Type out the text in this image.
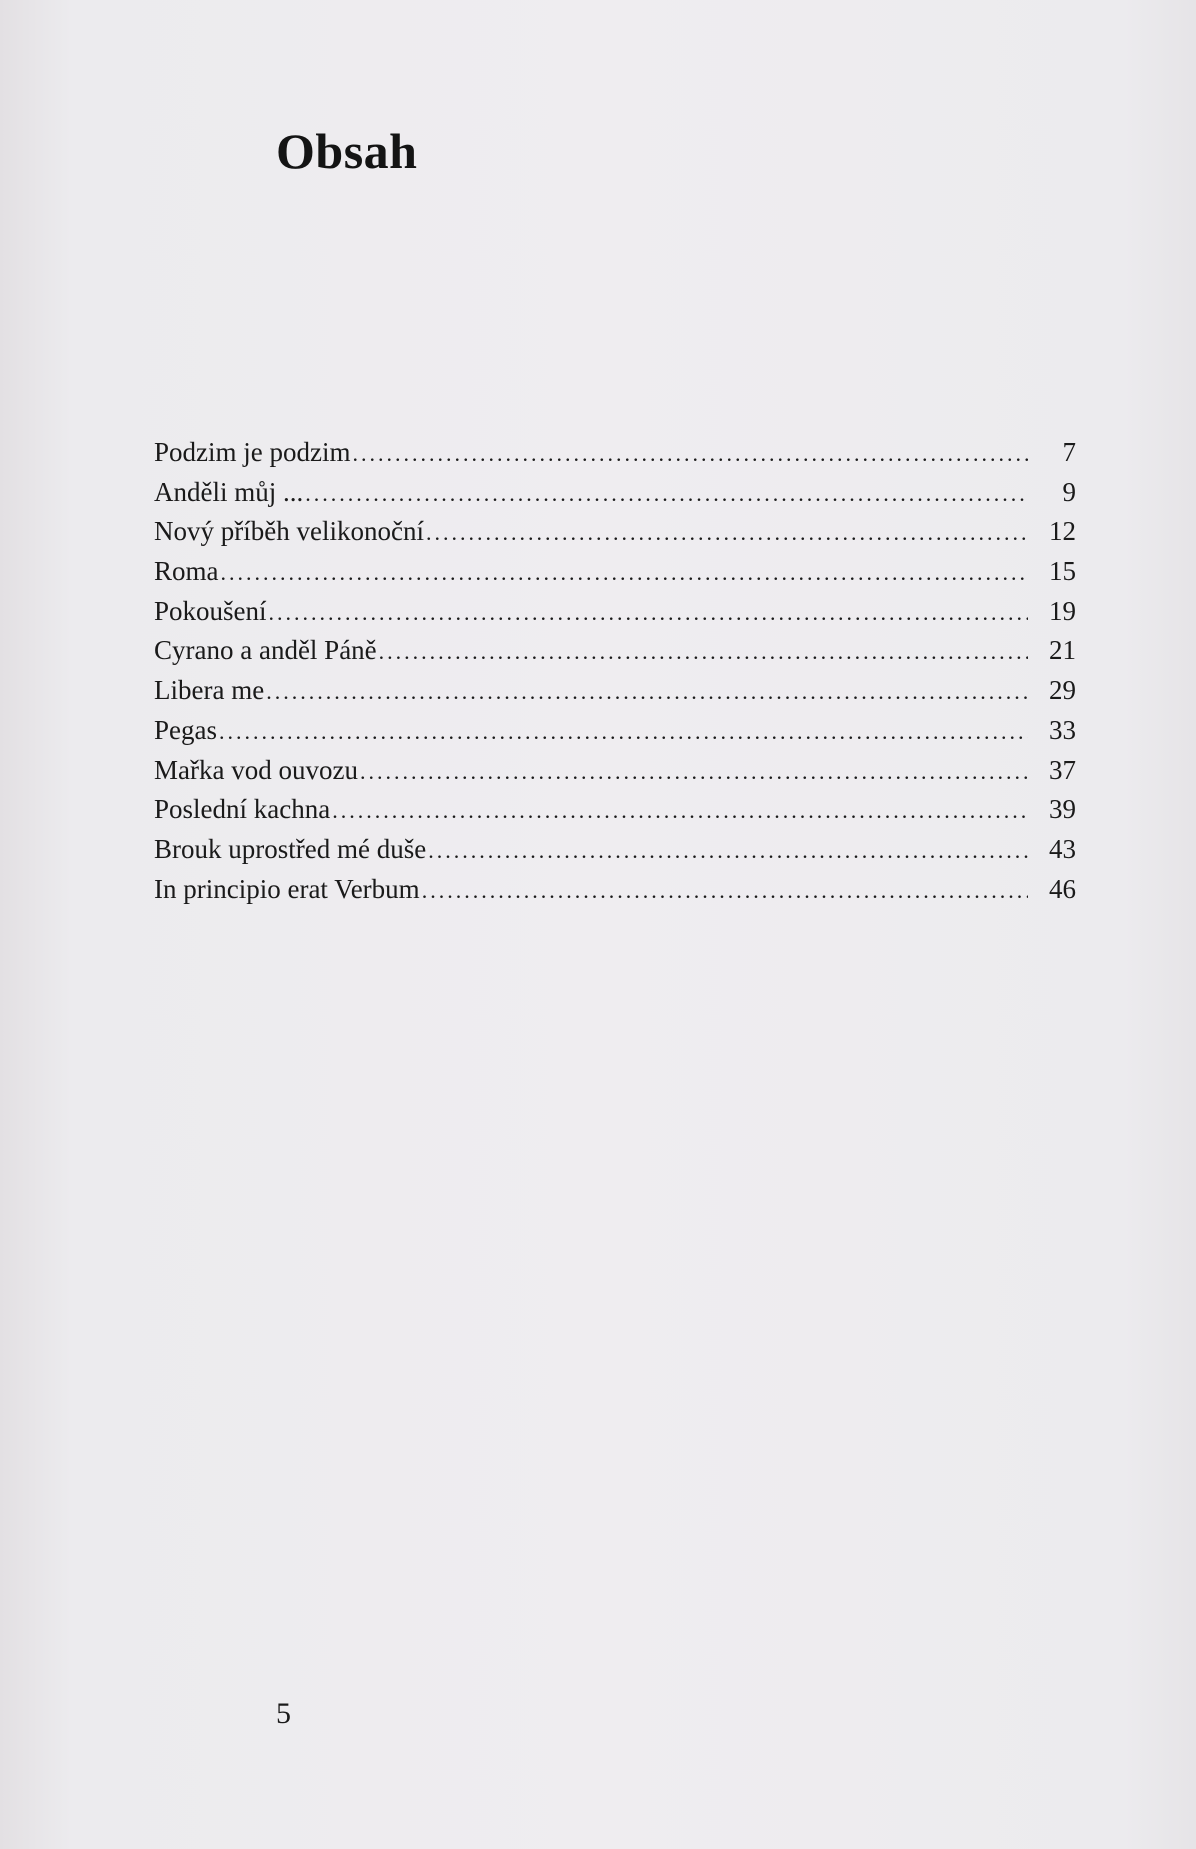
Obsah
Podzim je podzim .....	7
Anděli můj ... .....	9
Nový příběh velikonoční .....	12
Roma .....	15
Pokoušení .....	19
Cyrano a anděl Páně .....	21
Libera me .....	29
Pegas .....	33
Mařka vod ouvozu .....	37
Poslední kachna .....	39
Brouk uprostřed mé duše .....	43
In principio erat Verbum .....	46
5
